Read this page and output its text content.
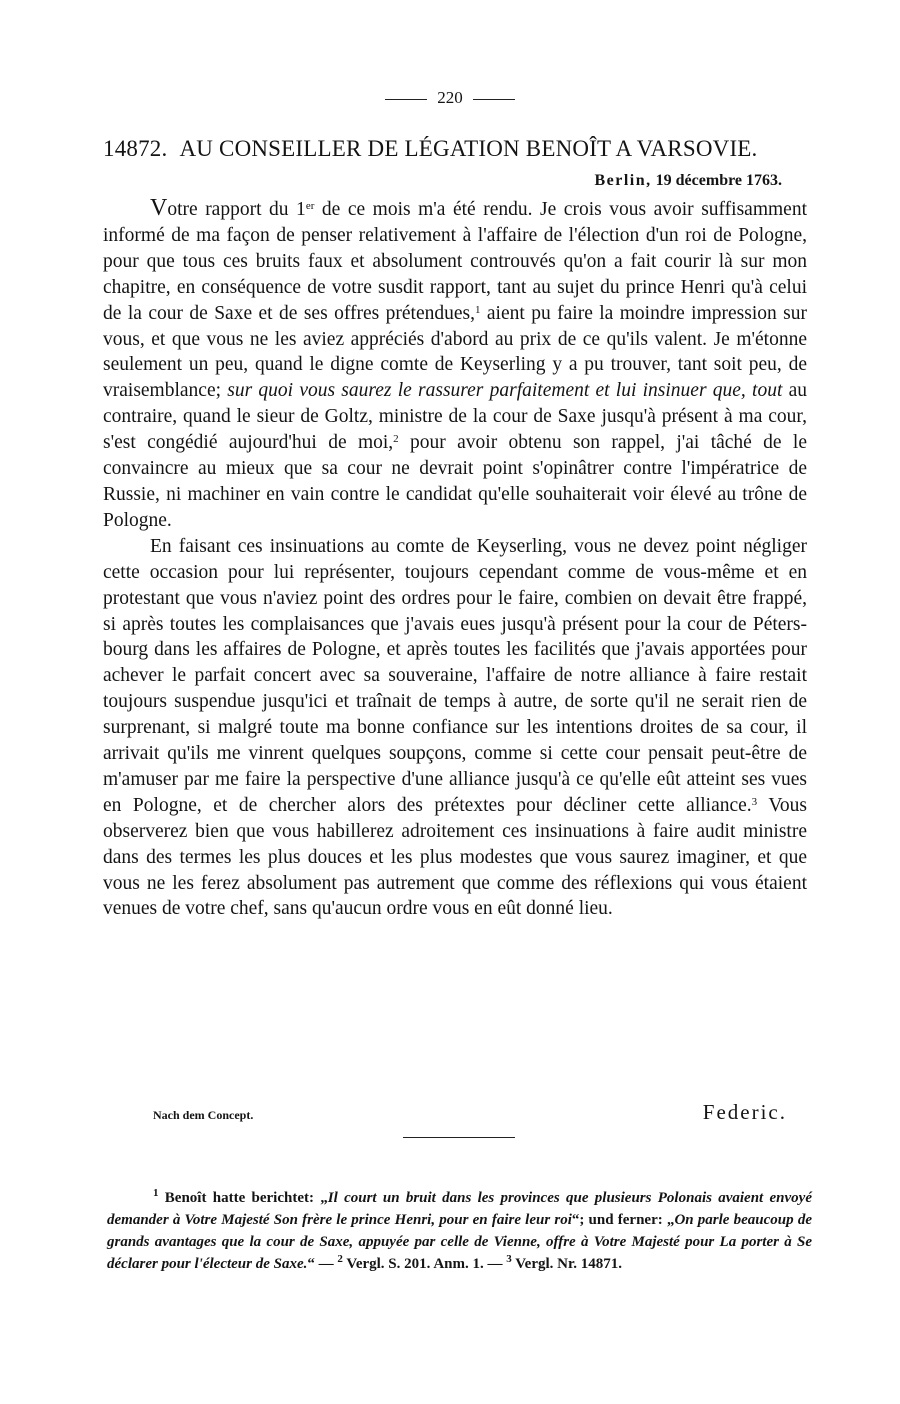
220
14872. AU CONSEILLER DE LÉGATION BENOÎT A VARSOVIE.
Berlin, 19 décembre 1763.

Votre rapport du 1er de ce mois m'a été rendu. Je crois vous avoir suffisamment informé de ma façon de penser relativement à l'affaire de l'élection d'un roi de Pologne, pour que tous ces bruits faux et absolument controuvés qu'on a fait courir là sur mon chapitre, en conséquence de votre susdit rapport, tant au sujet du prince Henri qu'à celui de la cour de Saxe et de ses offres prétendues,$^1$ aient pu faire la moindre impression sur vous, et que vous ne les aviez appréciés d'abord au prix de ce qu'ils valent. Je m'étonne seulement un peu, quand le digne comte de Keyserling y a pu trouver, tant soit peu, de vraisemblance; sur quoi vous saurez le rassurer parfaitement et lui insinuer que, tout au contraire, quand le sieur de Goltz, ministre de la cour de Saxe jusqu'à présent à ma cour, s'est congédié aujourd'hui de moi,$^2$ pour avoir obtenu son rappel, j'ai tâché de le convaincre au mieux que sa cour ne devrait point s'opinâtrer contre l'impératrice de Russie, ni machiner en vain contre le candidat qu'elle souhaiterait voir élevé au trône de Pologne.

En faisant ces insinuations au comte de Keyserling, vous ne devez point négliger cette occasion pour lui représenter, toujours cependant comme de vous-même et en protestant que vous n'aviez point des ordres pour le faire, combien on devait être frappé, si après toutes les complaisances que j'avais eues jusqu'à présent pour la cour de Pétersbourg dans les affaires de Pologne, et après toutes les facilités que j'avais apportées pour achever le parfait concert avec sa souveraine, l'affaire de notre alliance à faire restait toujours suspendue jusqu'ici et traînait de temps à autre, de sorte qu'il ne serait rien de surprenant, si malgré toute ma bonne confiance sur les intentions droites de sa cour, il arrivait qu'ils me vinrent quelques soupçons, comme si cette cour pensait peut-être de m'amuser par me faire la perspective d'une alliance jusqu'à ce qu'elle eût atteint ses vues en Pologne, et de chercher alors des prétextes pour décliner cette alliance.$^3$ Vous observerez bien que vous habillerez adroitement ces insinuations à faire audit ministre dans des termes les plus douces et les plus modestes que vous saurez imaginer, et que vous ne les ferez absolument pas autrement que comme des réflexions qui vous étaient venues de votre chef, sans qu'aucun ordre vous en eût donné lieu.

Nach dem Concept.	Federic.

$^1$ Benoît hatte berichtet: „Il court un bruit dans les provinces que plusieurs Polonais avaient envoyé demander à Votre Majesté Son frère le prince Henri, pour en faire leur roi“; und ferner: „On parle beaucoup de grands avantages que la cour de Saxe, appuyée par celle de Vienne, offre à Votre Majesté pour La porter à Se déclarer pour l'électeur de Saxe.“ — $^2$ Vergl. S. 201. Anm. 1. — $^3$ Vergl. Nr. 14871.
